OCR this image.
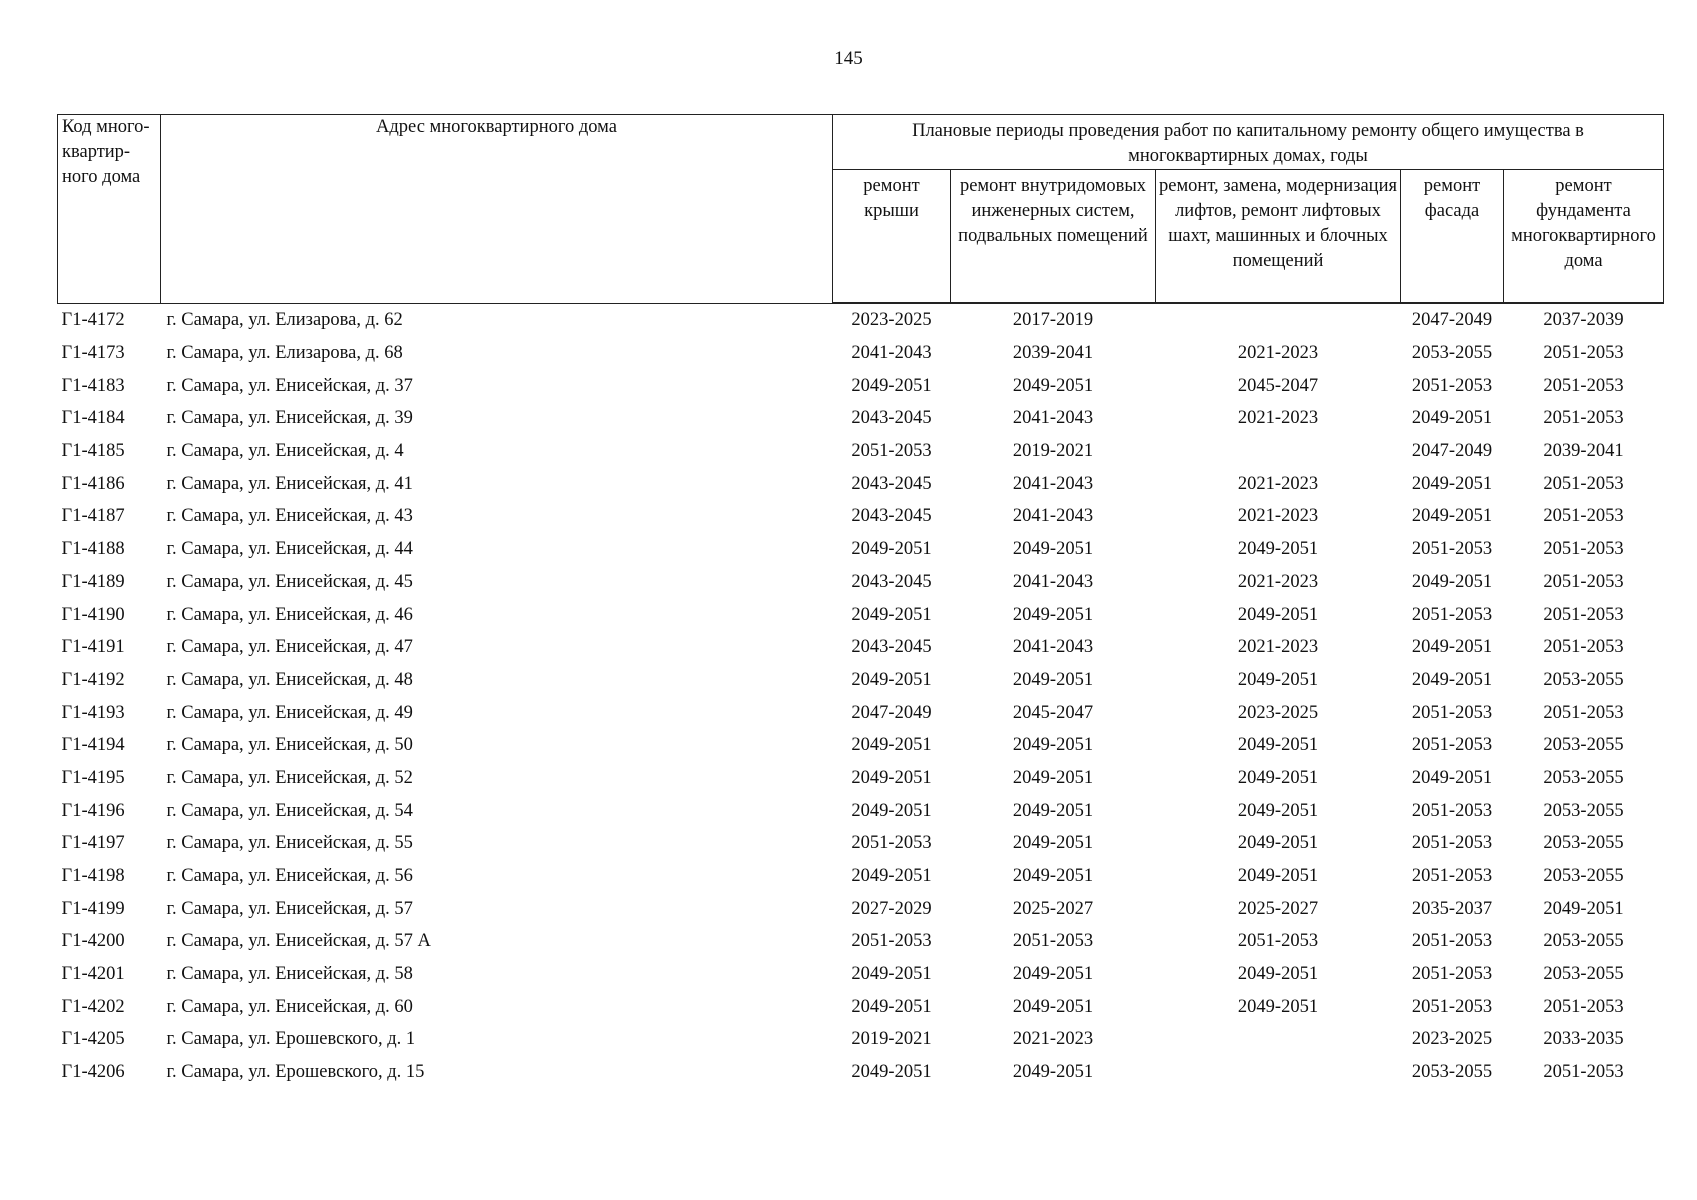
145
Код много-квартир-ного дома	Адрес многоквартирного дома	Плановые периоды проведения работ по капитальному ремонту общего имущества в многоквартирных домах, годы				
		ремонт крыши	ремонт внутридомовых инженерных систем, подвальных помещений	ремонт, замена, модернизация лифтов, ремонт лифтовых шахт, машинных и блочных помещений	ремонт фасада	ремонт фундамента многоквартирного дома
Г1-4172	г. Самара, ул. Елизарова, д. 62	2023-2025	2017-2019		2047-2049	2037-2039
Г1-4173	г. Самара, ул. Елизарова, д. 68	2041-2043	2039-2041	2021-2023	2053-2055	2051-2053
Г1-4183	г. Самара, ул. Енисейская, д. 37	2049-2051	2049-2051	2045-2047	2051-2053	2051-2053
Г1-4184	г. Самара, ул. Енисейская, д. 39	2043-2045	2041-2043	2021-2023	2049-2051	2051-2053
Г1-4185	г. Самара, ул. Енисейская, д. 4	2051-2053	2019-2021		2047-2049	2039-2041
Г1-4186	г. Самара, ул. Енисейская, д. 41	2043-2045	2041-2043	2021-2023	2049-2051	2051-2053
Г1-4187	г. Самара, ул. Енисейская, д. 43	2043-2045	2041-2043	2021-2023	2049-2051	2051-2053
Г1-4188	г. Самара, ул. Енисейская, д. 44	2049-2051	2049-2051	2049-2051	2051-2053	2051-2053
Г1-4189	г. Самара, ул. Енисейская, д. 45	2043-2045	2041-2043	2021-2023	2049-2051	2051-2053
Г1-4190	г. Самара, ул. Енисейская, д. 46	2049-2051	2049-2051	2049-2051	2051-2053	2051-2053
Г1-4191	г. Самара, ул. Енисейская, д. 47	2043-2045	2041-2043	2021-2023	2049-2051	2051-2053
Г1-4192	г. Самара, ул. Енисейская, д. 48	2049-2051	2049-2051	2049-2051	2049-2051	2053-2055
Г1-4193	г. Самара, ул. Енисейская, д. 49	2047-2049	2045-2047	2023-2025	2051-2053	2051-2053
Г1-4194	г. Самара, ул. Енисейская, д. 50	2049-2051	2049-2051	2049-2051	2051-2053	2053-2055
Г1-4195	г. Самара, ул. Енисейская, д. 52	2049-2051	2049-2051	2049-2051	2049-2051	2053-2055
Г1-4196	г. Самара, ул. Енисейская, д. 54	2049-2051	2049-2051	2049-2051	2051-2053	2053-2055
Г1-4197	г. Самара, ул. Енисейская, д. 55	2051-2053	2049-2051	2049-2051	2051-2053	2053-2055
Г1-4198	г. Самара, ул. Енисейская, д. 56	2049-2051	2049-2051	2049-2051	2051-2053	2053-2055
Г1-4199	г. Самара, ул. Енисейская, д. 57	2027-2029	2025-2027	2025-2027	2035-2037	2049-2051
Г1-4200	г. Самара, ул. Енисейская, д. 57 А	2051-2053	2051-2053	2051-2053	2051-2053	2053-2055
Г1-4201	г. Самара, ул. Енисейская, д. 58	2049-2051	2049-2051	2049-2051	2051-2053	2053-2055
Г1-4202	г. Самара, ул. Енисейская, д. 60	2049-2051	2049-2051	2049-2051	2051-2053	2051-2053
Г1-4205	г. Самара, ул. Ерошевского, д. 1	2019-2021	2021-2023		2023-2025	2033-2035
Г1-4206	г. Самара, ул. Ерошевского, д. 15	2049-2051	2049-2051		2053-2055	2051-2053
